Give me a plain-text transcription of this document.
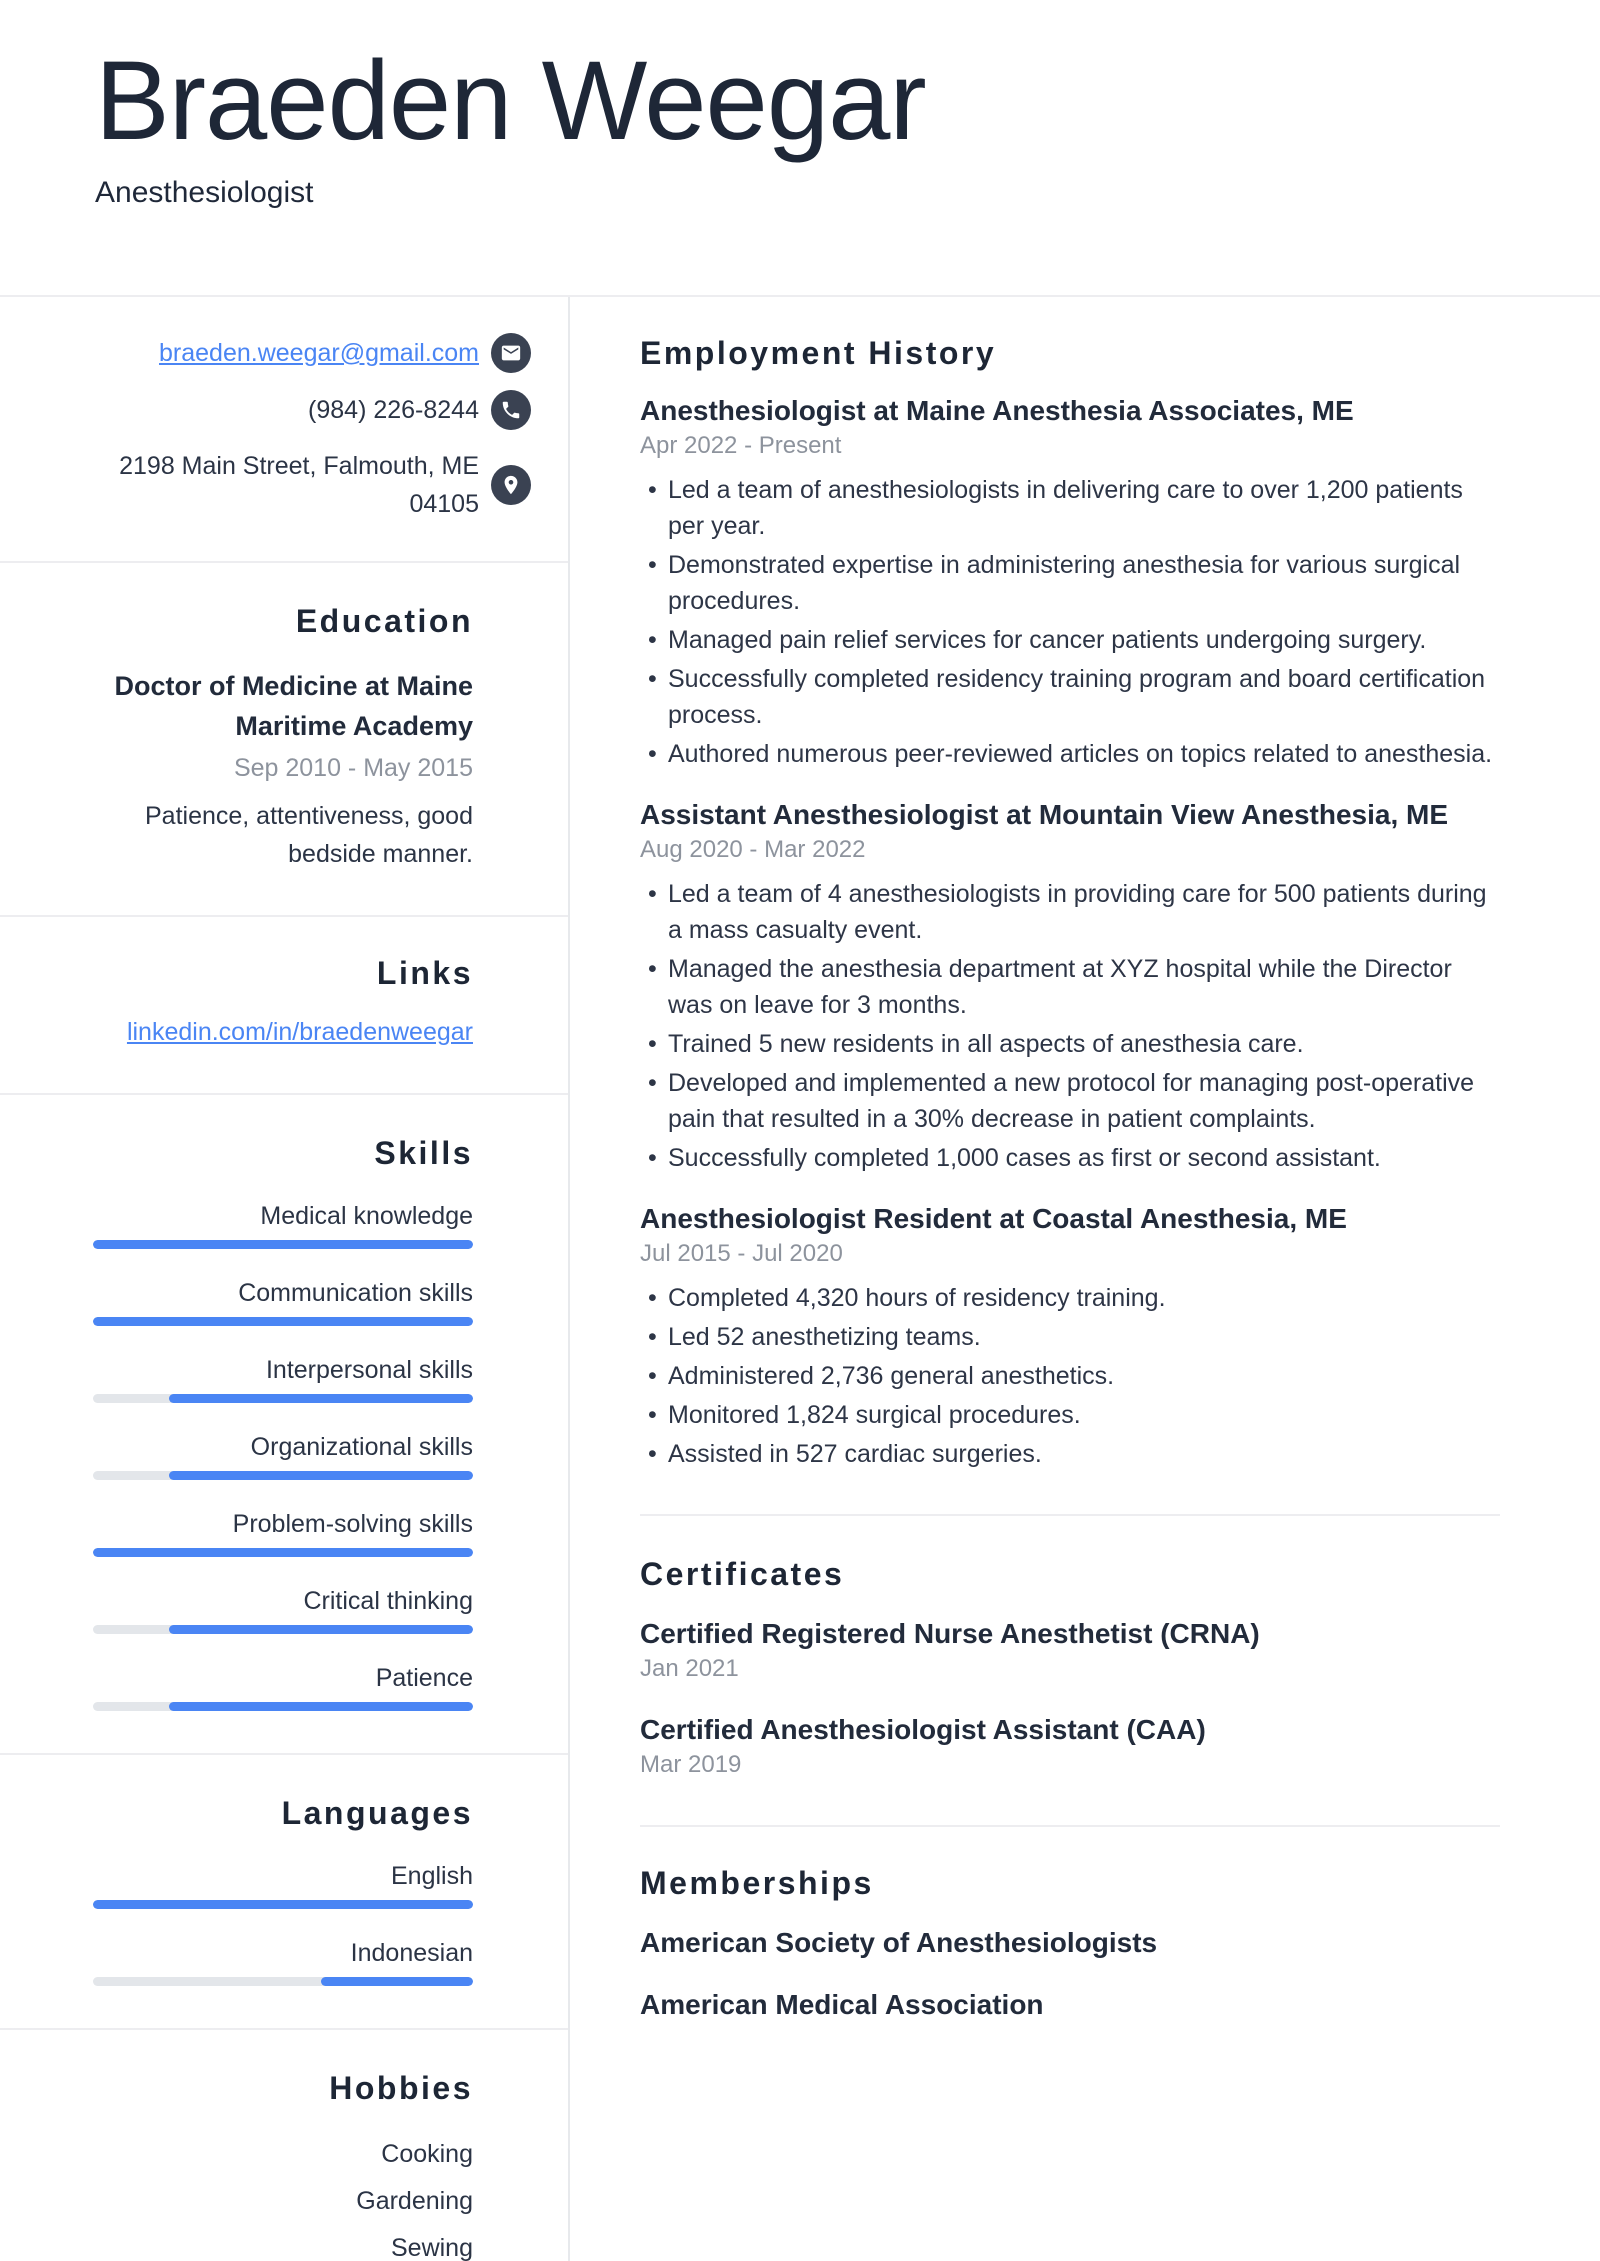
Braeden Weegar
Anesthesiologist
braeden.weegar@gmail.com
(984) 226-8244
2198 Main Street, Falmouth, ME 04105
Education
Doctor of Medicine at Maine Maritime Academy
Sep 2010 - May 2015
Patience, attentiveness, good bedside manner.
Links
linkedin.com/in/braedenweegar
Skills
Medical knowledge
Communication skills
Interpersonal skills
Organizational skills
Problem-solving skills
Critical thinking
Patience
Languages
English
Indonesian
Hobbies
Cooking
Gardening
Sewing
Employment History
Anesthesiologist at Maine Anesthesia Associates, ME
Apr 2022 - Present
• Led a team of anesthesiologists in delivering care to over 1,200 patients per year.
• Demonstrated expertise in administering anesthesia for various surgical procedures.
• Managed pain relief services for cancer patients undergoing surgery.
• Successfully completed residency training program and board certification process.
• Authored numerous peer-reviewed articles on topics related to anesthesia.
Assistant Anesthesiologist at Mountain View Anesthesia, ME
Aug 2020 - Mar 2022
• Led a team of 4 anesthesiologists in providing care for 500 patients during a mass casualty event.
• Managed the anesthesia department at XYZ hospital while the Director was on leave for 3 months.
• Trained 5 new residents in all aspects of anesthesia care.
• Developed and implemented a new protocol for managing post-operative pain that resulted in a 30% decrease in patient complaints.
• Successfully completed 1,000 cases as first or second assistant.
Anesthesiologist Resident at Coastal Anesthesia, ME
Jul 2015 - Jul 2020
• Completed 4,320 hours of residency training.
• Led 52 anesthetizing teams.
• Administered 2,736 general anesthetics.
• Monitored 1,824 surgical procedures.
• Assisted in 527 cardiac surgeries.
Certificates
Certified Registered Nurse Anesthetist (CRNA)
Jan 2021
Certified Anesthesiologist Assistant (CAA)
Mar 2019
Memberships
American Society of Anesthesiologists
American Medical Association
